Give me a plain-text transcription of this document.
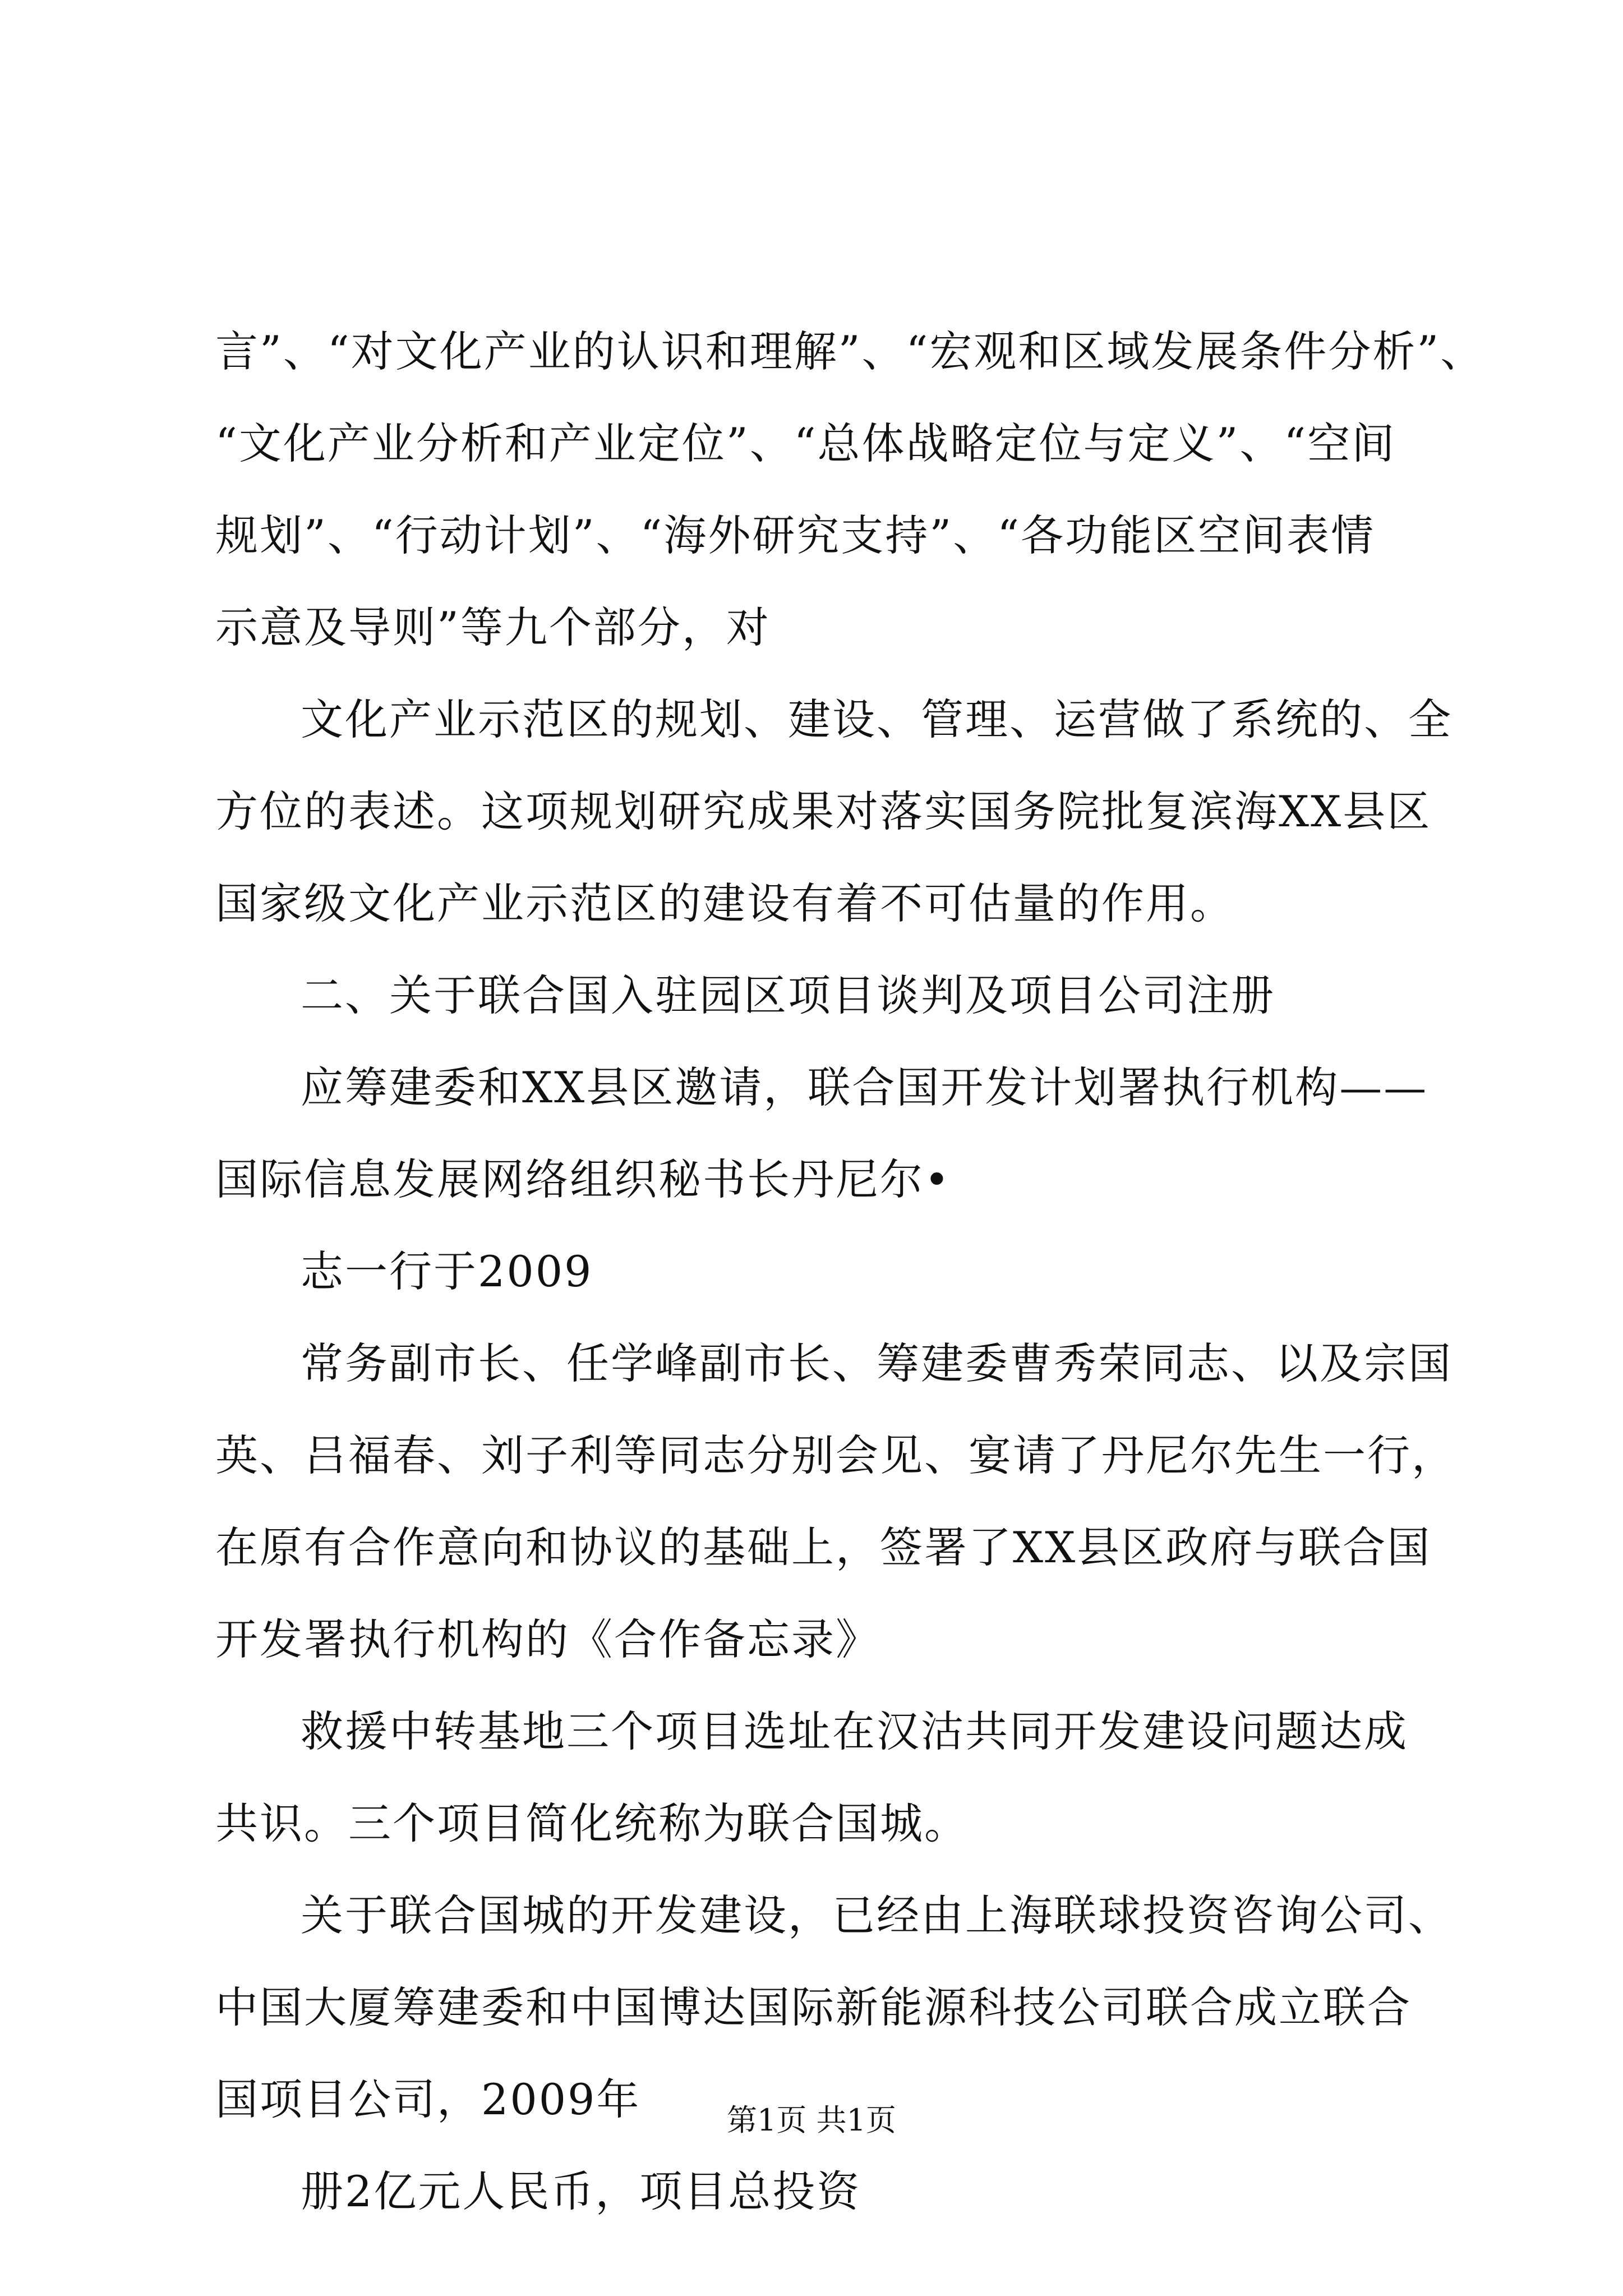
言”、“对文化产业的认识和理解”、“宏观和区域发展条件分析”、
“文化产业分析和产业定位”、“总体战略定位与定义”、“空间
规划”、“行动计划”、“海外研究支持”、“各功能区空间表情
示意及导则”等九个部分，对
文化产业示范区的规划、建设、管理、运营做了系统的、全
方位的表述。这项规划研究成果对落实国务院批复滨海XX县区
国家级文化产业示范区的建设有着不可估量的作用。
二、关于联合国入驻园区项目谈判及项目公司注册
应筹建委和XX县区邀请，联合国开发计划署执行机构——
国际信息发展网络组织秘书长丹尼尔•
志一行于2009
常务副市长、任学峰副市长、筹建委曹秀荣同志、以及宗国
英、吕福春、刘子利等同志分别会见、宴请了丹尼尔先生一行，
在原有合作意向和协议的基础上，签署了XX县区政府与联合国
开发署执行机构的《合作备忘录》
救援中转基地三个项目选址在汉沽共同开发建设问题达成
共识。三个项目简化统称为联合国城。
关于联合国城的开发建设，已经由上海联球投资咨询公司、
中国大厦筹建委和中国博达国际新能源科技公司联合成立联合
国项目公司，2009年
册2亿元人民币，项目总投资
第1页 共1页
